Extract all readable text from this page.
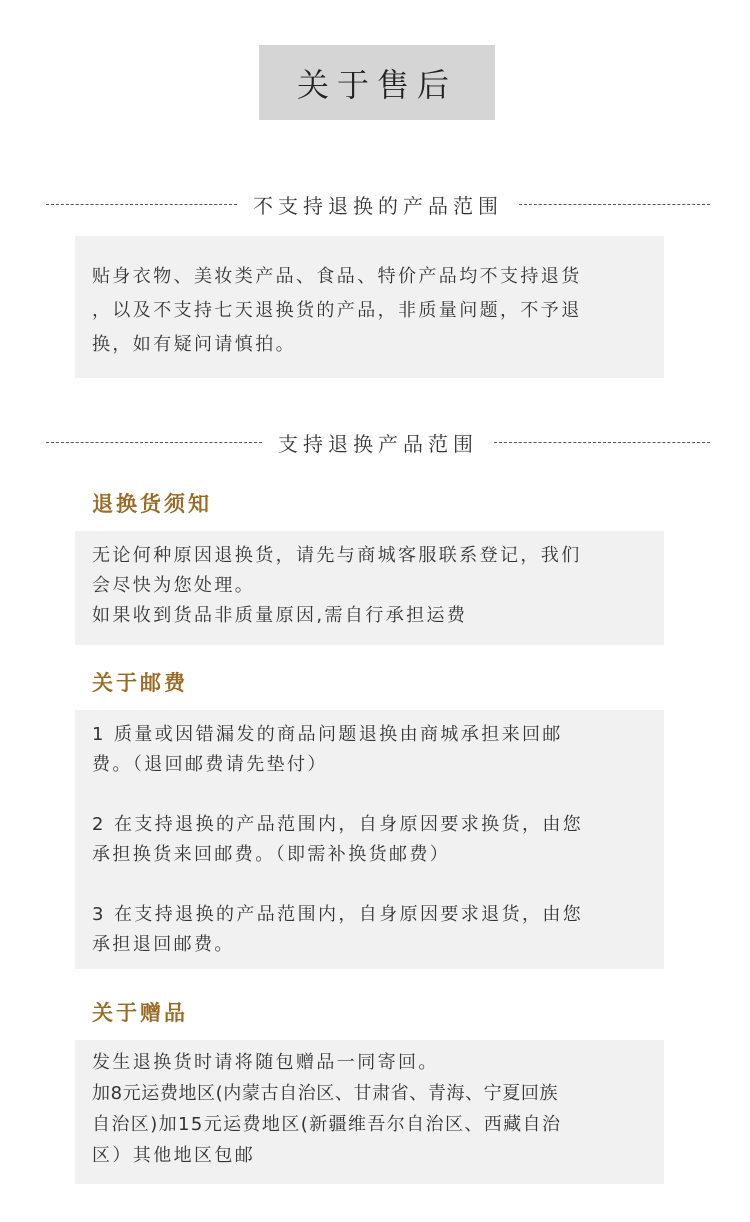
关于售后
不支持退换的产品范围
贴身衣物、美妆类产品、食品、特价产品均不支持退货
，以及不支持七天退换货的产品，非质量问题，不予退
换，如有疑问请慎拍。
支持退换产品范围
退换货须知
无论何种原因退换货，请先与商城客服联系登记，我们
会尽快为您处理。
如果收到货品非质量原因,需自行承担运费
关于邮费
1 质量或因错漏发的商品问题退换由商城承担来回邮
费。（退回邮费请先垫付）
2 在支持退换的产品范围内，自身原因要求换货，由您
承担换货来回邮费。（即需补换货邮费）
3 在支持退换的产品范围内，自身原因要求退货，由您
承担退回邮费。
关于赠品
发生退换货时请将随包赠品一同寄回。
加8元运费地区(内蒙古自治区、甘肃省、青海、宁夏回族
自治区)加15元运费地区(新疆维吾尔自治区、西藏自治
区）其他地区包邮
